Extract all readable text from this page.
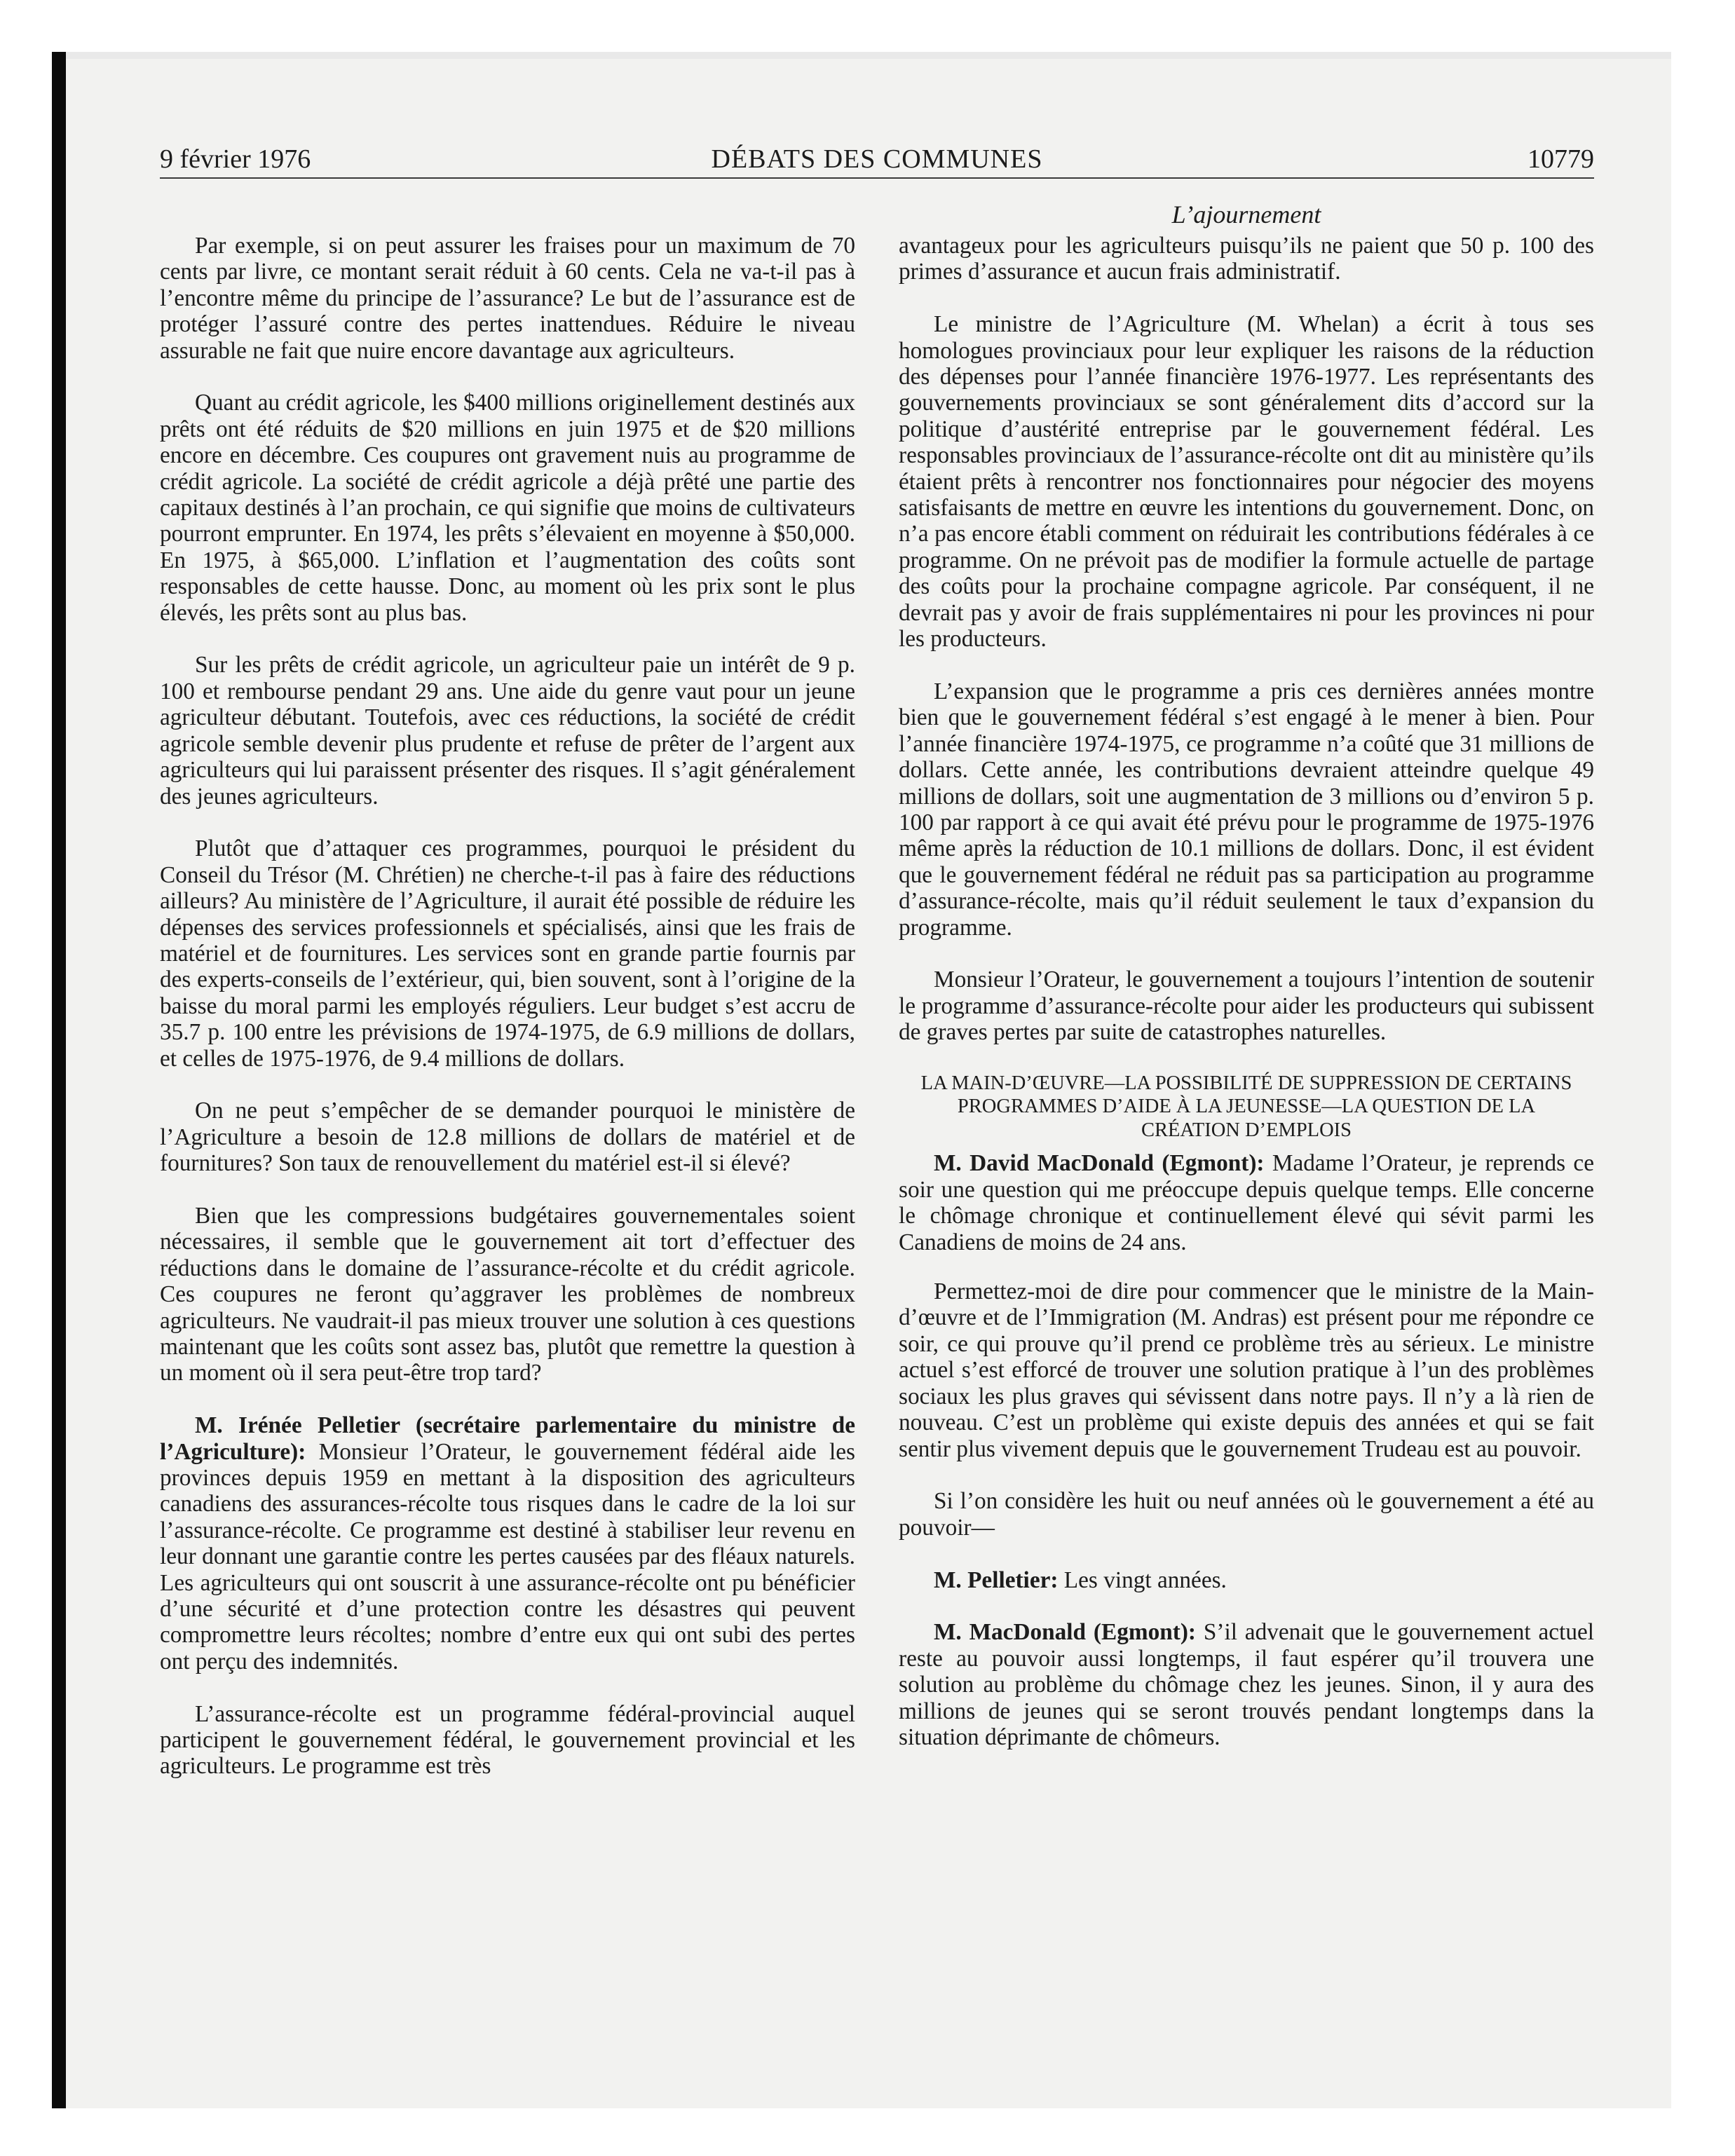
9 février 1976	DÉBATS DES COMMUNES	10779
L’ajournement

Par exemple, si on peut assurer les fraises pour un maximum de 70 cents par livre, ce montant serait réduit à 60 cents. Cela ne va-t-il pas à l’encontre même du principe de l’assurance? Le but de l’assurance est de protéger l’assuré contre des pertes inattendues. Réduire le niveau assurable ne fait que nuire encore davantage aux agriculteurs.

Quant au crédit agricole, les $400 millions originellement destinés aux prêts ont été réduits de $20 millions en juin 1975 et de $20 millions encore en décembre. Ces coupures ont gravement nuis au programme de crédit agricole. La société de crédit agricole a déjà prêté une partie des capitaux destinés à l’an prochain, ce qui signifie que moins de cultivateurs pourront emprunter. En 1974, les prêts s’élevaient en moyenne à $50,000. En 1975, à $65,000. L’inflation et l’augmentation des coûts sont responsables de cette hausse. Donc, au moment où les prix sont le plus élevés, les prêts sont au plus bas.

Sur les prêts de crédit agricole, un agriculteur paie un intérêt de 9 p. 100 et rembourse pendant 29 ans. Une aide du genre vaut pour un jeune agriculteur débutant. Toutefois, avec ces réductions, la société de crédit agricole semble devenir plus prudente et refuse de prêter de l’argent aux agriculteurs qui lui paraissent présenter des risques. Il s’agit généralement des jeunes agriculteurs.

Plutôt que d’attaquer ces programmes, pourquoi le président du Conseil du Trésor (M. Chrétien) ne cherche-t-il pas à faire des réductions ailleurs? Au ministère de l’Agriculture, il aurait été possible de réduire les dépenses des services professionnels et spécialisés, ainsi que les frais de matériel et de fournitures. Les services sont en grande partie fournis par des experts-conseils de l’extérieur, qui, bien souvent, sont à l’origine de la baisse du moral parmi les employés réguliers. Leur budget s’est accru de 35.7 p. 100 entre les prévisions de 1974-1975, de 6.9 millions de dollars, et celles de 1975-1976, de 9.4 millions de dollars.

On ne peut s’empêcher de se demander pourquoi le ministère de l’Agriculture a besoin de 12.8 millions de dollars de matériel et de fournitures? Son taux de renouvellement du matériel est-il si élevé?

Bien que les compressions budgétaires gouvernementales soient nécessaires, il semble que le gouvernement ait tort d’effectuer des réductions dans le domaine de l’assurance-récolte et du crédit agricole. Ces coupures ne feront qu’aggraver les problèmes de nombreux agriculteurs. Ne vaudrait-il pas mieux trouver une solution à ces questions maintenant que les coûts sont assez bas, plutôt que remettre la question à un moment où il sera peut-être trop tard?

M. Irénée Pelletier (secrétaire parlementaire du ministre de l’Agriculture): Monsieur l’Orateur, le gouvernement fédéral aide les provinces depuis 1959 en mettant à la disposition des agriculteurs canadiens des assurances-récolte tous risques dans le cadre de la loi sur l’assurance-récolte. Ce programme est destiné à stabiliser leur revenu en leur donnant une garantie contre les pertes causées par des fléaux naturels. Les agriculteurs qui ont souscrit à une assurance-récolte ont pu bénéficier d’une sécurité et d’une protection contre les désastres qui peuvent compromettre leurs récoltes; nombre d’entre eux qui ont subi des pertes ont perçu des indemnités.

L’assurance-récolte est un programme fédéral-provincial auquel participent le gouvernement fédéral, le gouvernement provincial et les agriculteurs. Le programme est très

avantageux pour les agriculteurs puisqu’ils ne paient que 50 p. 100 des primes d’assurance et aucun frais administratif.

Le ministre de l’Agriculture (M. Whelan) a écrit à tous ses homologues provinciaux pour leur expliquer les raisons de la réduction des dépenses pour l’année financière 1976-1977. Les représentants des gouvernements provinciaux se sont généralement dits d’accord sur la politique d’austérité entreprise par le gouvernement fédéral. Les responsables provinciaux de l’assurance-récolte ont dit au ministère qu’ils étaient prêts à rencontrer nos fonctionnaires pour négocier des moyens satisfaisants de mettre en œuvre les intentions du gouvernement. Donc, on n’a pas encore établi comment on réduirait les contributions fédérales à ce programme. On ne prévoit pas de modifier la formule actuelle de partage des coûts pour la prochaine compagne agricole. Par conséquent, il ne devrait pas y avoir de frais supplémentaires ni pour les provinces ni pour les producteurs.

L’expansion que le programme a pris ces dernières années montre bien que le gouvernement fédéral s’est engagé à le mener à bien. Pour l’année financière 1974-1975, ce programme n’a coûté que 31 millions de dollars. Cette année, les contributions devraient atteindre quelque 49 millions de dollars, soit une augmentation de 3 millions ou d’environ 5 p. 100 par rapport à ce qui avait été prévu pour le programme de 1975-1976 même après la réduction de 10.1 millions de dollars. Donc, il est évident que le gouvernement fédéral ne réduit pas sa participation au programme d’assurance-récolte, mais qu’il réduit seulement le taux d’expansion du programme.

Monsieur l’Orateur, le gouvernement a toujours l’intention de soutenir le programme d’assurance-récolte pour aider les producteurs qui subissent de graves pertes par suite de catastrophes naturelles.

LA MAIN-D’ŒUVRE—LA POSSIBILITÉ DE SUPPRESSION DE CERTAINS PROGRAMMES D’AIDE À LA JEUNESSE—LA QUESTION DE LA CRÉATION D’EMPLOIS

M. David MacDonald (Egmont): Madame l’Orateur, je reprends ce soir une question qui me préoccupe depuis quelque temps. Elle concerne le chômage chronique et continuellement élevé qui sévit parmi les Canadiens de moins de 24 ans.

Permettez-moi de dire pour commencer que le ministre de la Main-d’œuvre et de l’Immigration (M. Andras) est présent pour me répondre ce soir, ce qui prouve qu’il prend ce problème très au sérieux. Le ministre actuel s’est efforcé de trouver une solution pratique à l’un des problèmes sociaux les plus graves qui sévissent dans notre pays. Il n’y a là rien de nouveau. C’est un problème qui existe depuis des années et qui se fait sentir plus vivement depuis que le gouvernement Trudeau est au pouvoir.

Si l’on considère les huit ou neuf années où le gouvernement a été au pouvoir—

M. Pelletier: Les vingt années.

M. MacDonald (Egmont): S’il advenait que le gouvernement actuel reste au pouvoir aussi longtemps, il faut espérer qu’il trouvera une solution au problème du chômage chez les jeunes. Sinon, il y aura des millions de jeunes qui se seront trouvés pendant longtemps dans la situation déprimante de chômeurs.
